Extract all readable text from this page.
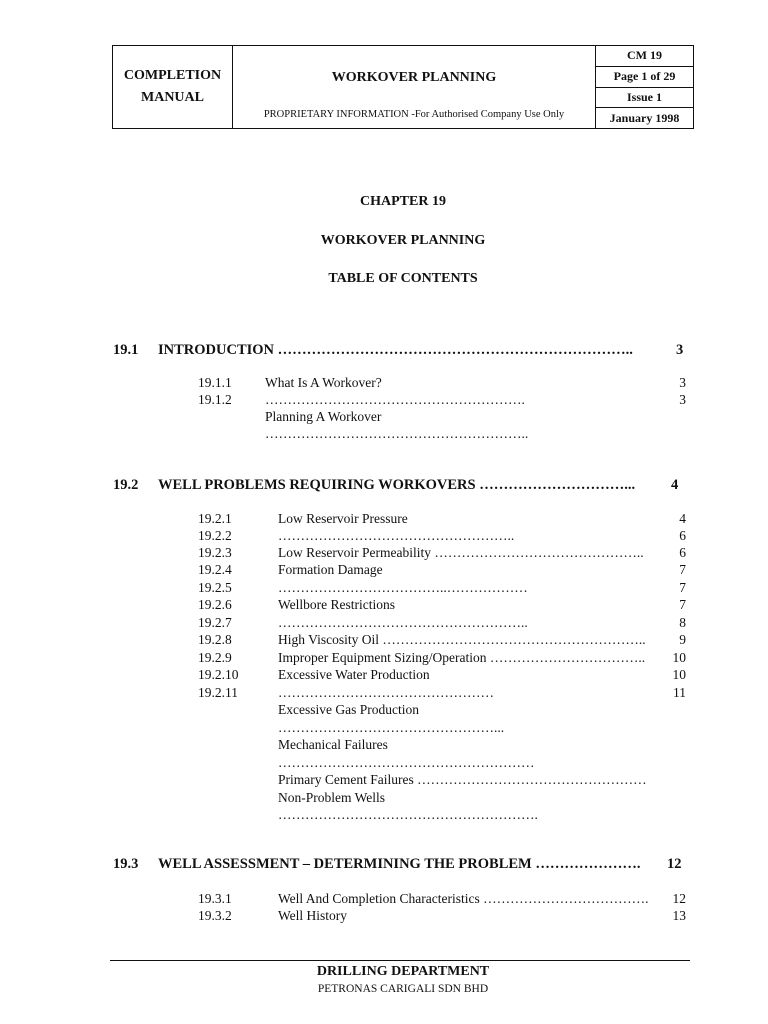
COMPLETION
MANUAL
WORKOVER PLANNING
PROPRIETARY INFORMATION -For Authorised Company Use Only
CM 19
Page 1 of 29
Issue 1
January 1998
CHAPTER 19
WORKOVER PLANNING
TABLE OF CONTENTS
19.1 INTRODUCTION ………………………………………………………………..	3
19.1.1
19.1.2
What Is A Workover?
………………………………………………….
Planning A Workover
…………………………………………………..
3
3
19.2 WELL PROBLEMS REQUIRING WORKOVERS …………………………... 4
19.2.1
19.2.2
19.2.3
19.2.4
19.2.5
19.2.6
19.2.7
19.2.8
19.2.9
19.2.10
19.2.11
Low Reservoir Pressure
……………………………………………..
Low Reservoir Permeability ………………………………………..
Formation Damage
………………………………..………………
Wellbore Restrictions
………………………………………………..
High Viscosity Oil …………………………………………………..
Improper Equipment Sizing/Operation ……………………………..
Excessive Water Production
…………………………………………
Excessive Gas Production
…………………………………………...
Mechanical Failures
…………………………………………………
Primary Cement Failures ……………………………………………
Non-Problem Wells
………………………………………………….
4
6
6
7
7
7
8
9
10
10
11
19.3 WELL ASSESSMENT – DETERMINING THE PROBLEM …………………. 12
19.3.1
19.3.2
Well And Completion Characteristics ……………………………….
Well History
12
13
DRILLING DEPARTMENT
PETRONAS CARIGALI SDN BHD
